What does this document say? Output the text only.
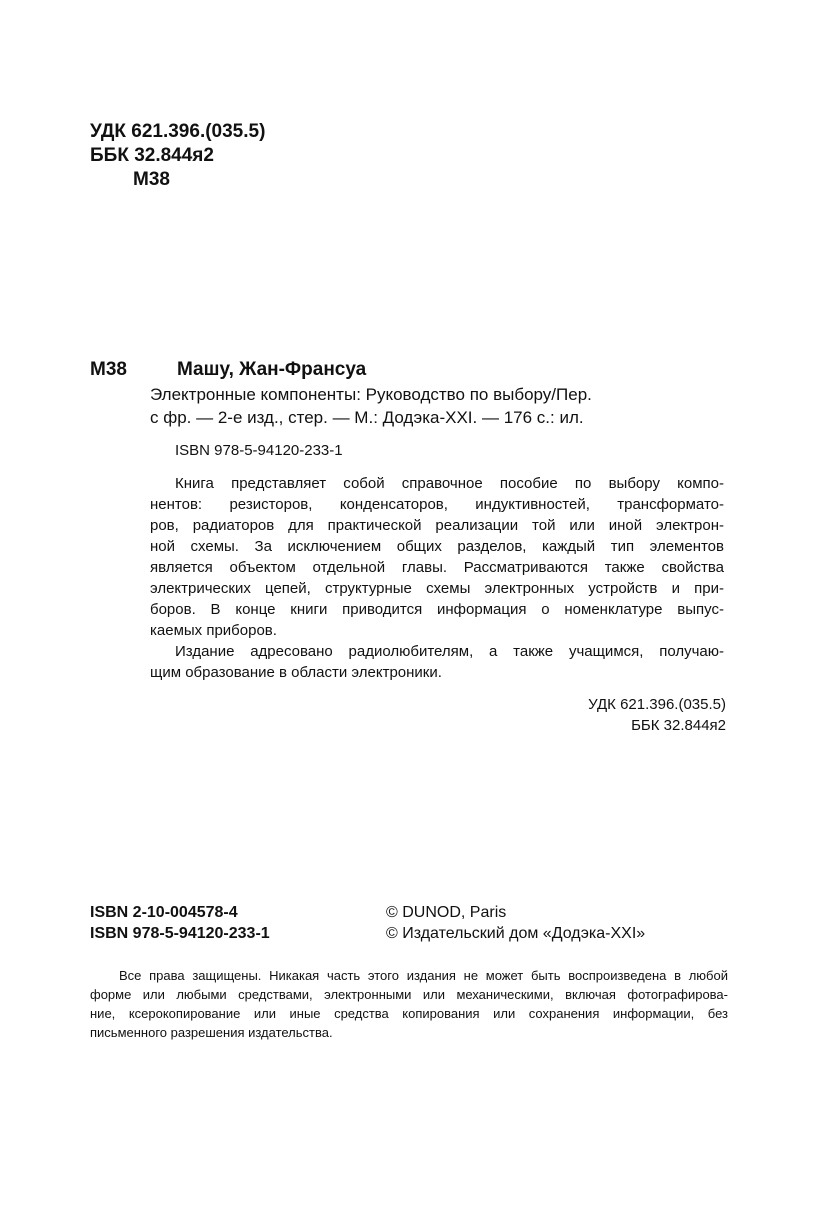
УДК 621.396.(035.5)
ББК 32.844я2
М38
М38	Машу, Жан-Франсуа
Электронные компоненты: Руководство по выбору/Пер.
с фр. — 2-е изд., стер. — М.: Додэка-XXI. — 176 с.: ил.
ISBN 978-5-94120-233-1
Книга представляет собой справочное пособие по выбору компо-
нентов: резисторов, конденсаторов, индуктивностей, трансформато-
ров, радиаторов для практической реализации той или иной электрон-
ной схемы. За исключением общих разделов, каждый тип элементов
является объектом отдельной главы. Рассматриваются также свойства
электрических цепей, структурные схемы электронных устройств и при-
боров. В конце книги приводится информация о номенклатуре выпус-
каемых приборов.
Издание адресовано радиолюбителям, а также учащимся, получаю-
щим образование в области электроники.
УДК 621.396.(035.5)
ББК 32.844я2
ISBN 2-10-004578-4
ISBN 978-5-94120-233-1
© DUNOD, Paris
© Издательский дом «Додэка-XXI»
Все права защищены. Никакая часть этого издания не может быть воспроизведена в любой
форме или любыми средствами, электронными или механическими, включая фотографирова-
ние, ксерокопирование или иные средства копирования или сохранения информации, без
письменного разрешения издательства.
